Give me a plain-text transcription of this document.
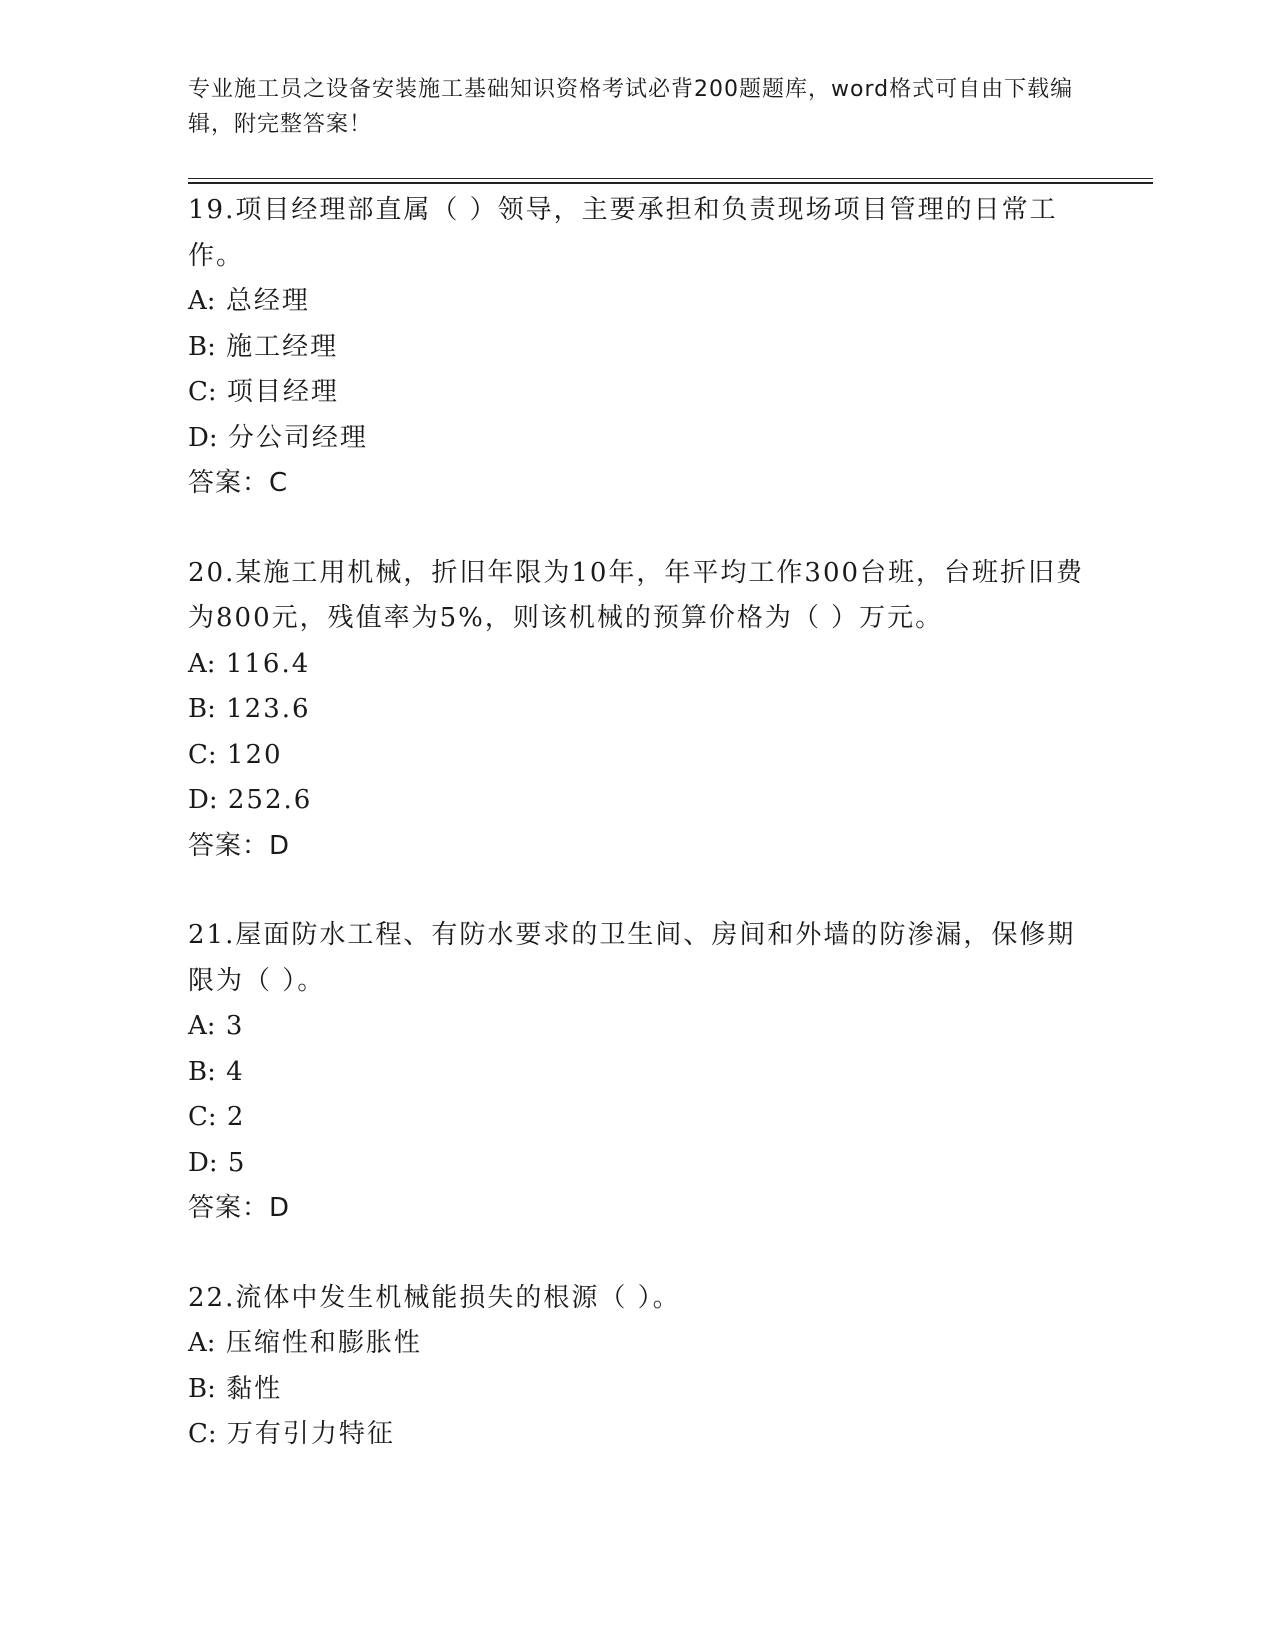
专业施工员之设备安装施工基础知识资格考试必背200题题库，word格式可自由下载编辑，附完整答案！

19.项目经理部直属（ ）领导，主要承担和负责现场项目管理的日常工作。

A: 总经理

B: 施工经理

C: 项目经理

D: 分公司经理

答案：C

20.某施工用机械，折旧年限为10年，年平均工作300台班，台班折旧费为800元，残值率为5%，则该机械的预算价格为（ ）万元。

A: 116.4

B: 123.6

C: 120

D: 252.6

答案：D

21.屋面防水工程、有防水要求的卫生间、房间和外墙的防渗漏，保修期限为（ ）。

A: 3

B: 4

C: 2

D: 5

答案：D

22.流体中发生机械能损失的根源（ ）。

A: 压缩性和膨胀性

B: 黏性

C: 万有引力特征
